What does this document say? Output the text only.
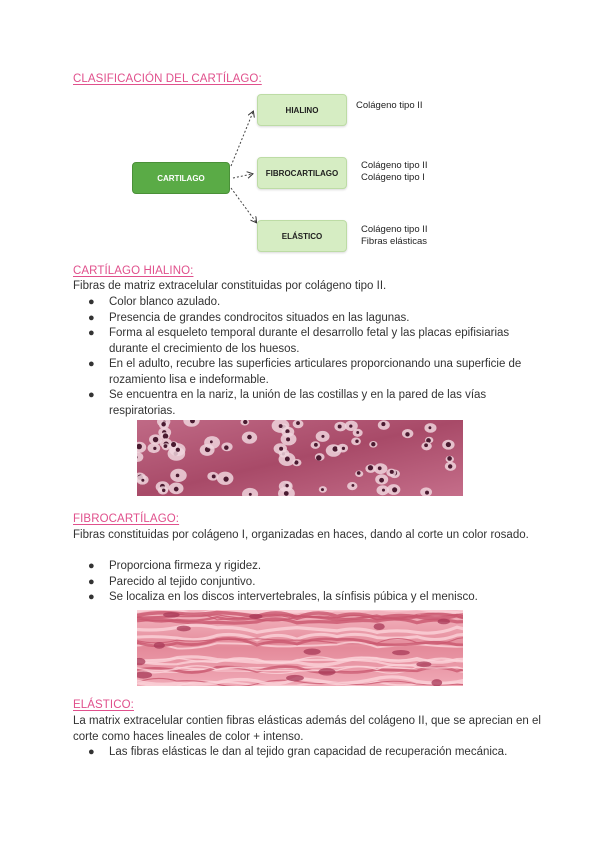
CLASIFICACIÓN DEL CARTÍLAGO:
CARTILAGO
HIALINO
FIBROCARTILAGO
ELÁSTICO
Colágeno tipo II
Colágeno tipo II
Colágeno tipo I
Colágeno tipo II
Fibras elásticas
CARTÍLAGO HIALINO:
Fibras de matriz extracelular constituidas por colágeno tipo II.
● Color blanco azulado.
● Presencia de grandes condrocitos situados en las lagunas.
● Forma al esqueleto temporal durante el desarrollo fetal y las placas epifisiarias durante el crecimiento de los huesos.
● En el adulto, recubre las superficies articulares proporcionando una superficie de rozamiento lisa e indeformable.
● Se encuentra en la nariz, la unión de las costillas y en la pared de las vías respiratorias.
FIBROCARTÍLAGO:
Fibras constituidas por colágeno I, organizadas en haces, dando al corte un color rosado.
● Proporciona firmeza y rigidez.
● Parecido al tejido conjuntivo.
● Se localiza en los discos intervertebrales, la sínfisis púbica y el menisco.
ELÁSTICO:
La matrix extracelular contien fibras elásticas además del colágeno II, que se aprecian en el corte como haces lineales de color + intenso.
● Las fibras elásticas le dan al tejido gran capacidad de recuperación mecánica.
